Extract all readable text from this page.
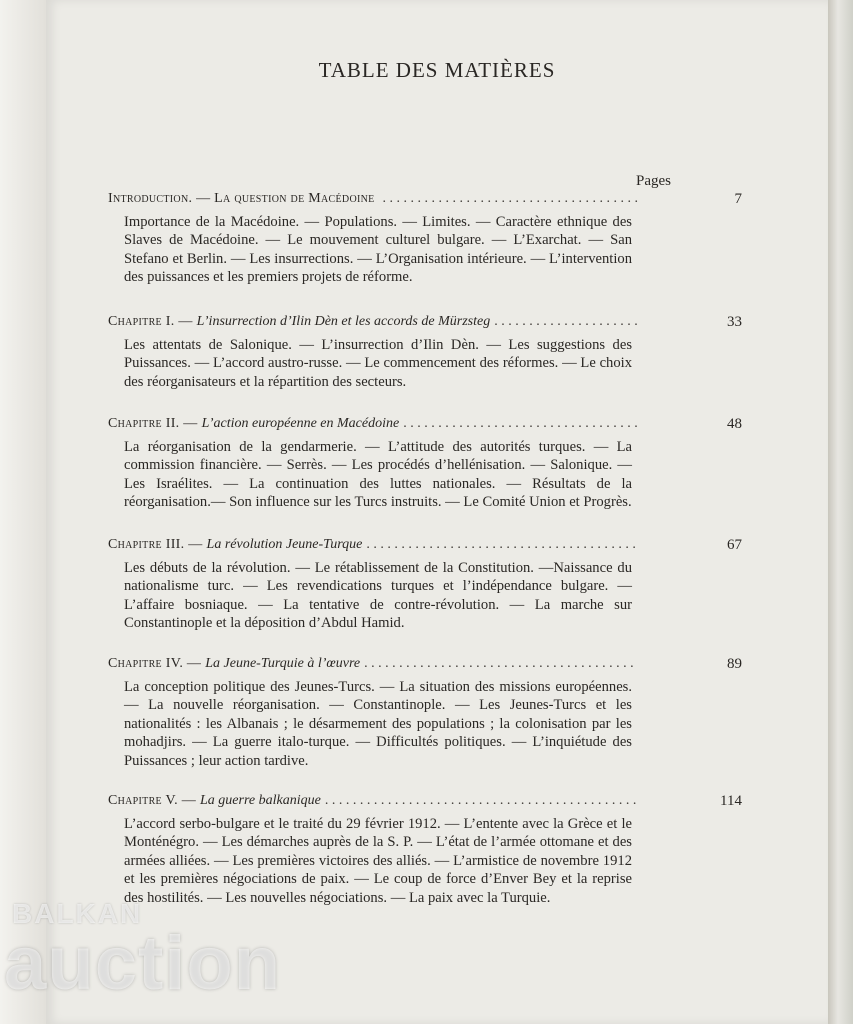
TABLE DES MATIÈRES
Pages
Introduction. — La question de Macédoine . . .	7
Importance de la Macédoine. — Populations. — Limites. — Caractère ethnique des Slaves de Macédoine. — Le mouvement culturel bulgare. — L’Exarchat. — San Stefano et Berlin. — Les insurrections. — L’Organisation intérieure. — L’intervention des puissances et les premiers projets de réforme.
Chapitre I. — L’insurrection d’Ilin Dèn et les accords de Mürzsteg . . .	33
Les attentats de Salonique. — L’insurrection d’Ilin Dèn. — Les suggestions des Puissances. — L’accord austro-russe. — Le commencement des réformes. — Le choix des réorganisateurs et la répartition des secteurs.
Chapitre II. — L’action européenne en Macédoine . . .	48
La réorganisation de la gendarmerie. — L’attitude des autorités turques. — La commission financière. — Serrès. — Les procédés d’hellénisation. — Salonique. — Les Israélites. — La continuation des luttes nationales. — Résultats de la réorganisation.— Son influence sur les Turcs instruits. — Le Comité Union et Progrès.
Chapitre III. — La révolution Jeune-Turque . . .	67
Les débuts de la révolution. — Le rétablissement de la Constitution. —Naissance du nationalisme turc. — Les revendications turques et l’indépendance bulgare. — L’affaire bosniaque. — La tentative de contre-révolution. — La marche sur Constantinople et la déposition d’Abdul Hamid.
Chapitre IV. — La Jeune-Turquie à l’œuvre . . .	89
La conception politique des Jeunes-Turcs. — La situation des missions européennes. — La nouvelle réorganisation. — Constantinople. — Les Jeunes-Turcs et les nationalités : les Albanais ; le désarmement des populations ; la colonisation par les mohadjirs. — La guerre italo-turque. — Difficultés politiques. — L’inquiétude des Puissances ; leur action tardive.
Chapitre V. — La guerre balkanique . . .	114
L’accord serbo-bulgare et le traité du 29 février 1912. — L’entente avec la Grèce et le Monténégro. — Les démarches auprès de la S. P. — L’état de l’armée ottomane et des armées alliées. — Les premières victoires des alliés. — L’armistice de novembre 1912 et les premières négociations de paix. — Le coup de force d’Enver Bey et la reprise des hostilités. — Les nouvelles négociations. — La paix avec la Turquie.
BALKAN
auction
